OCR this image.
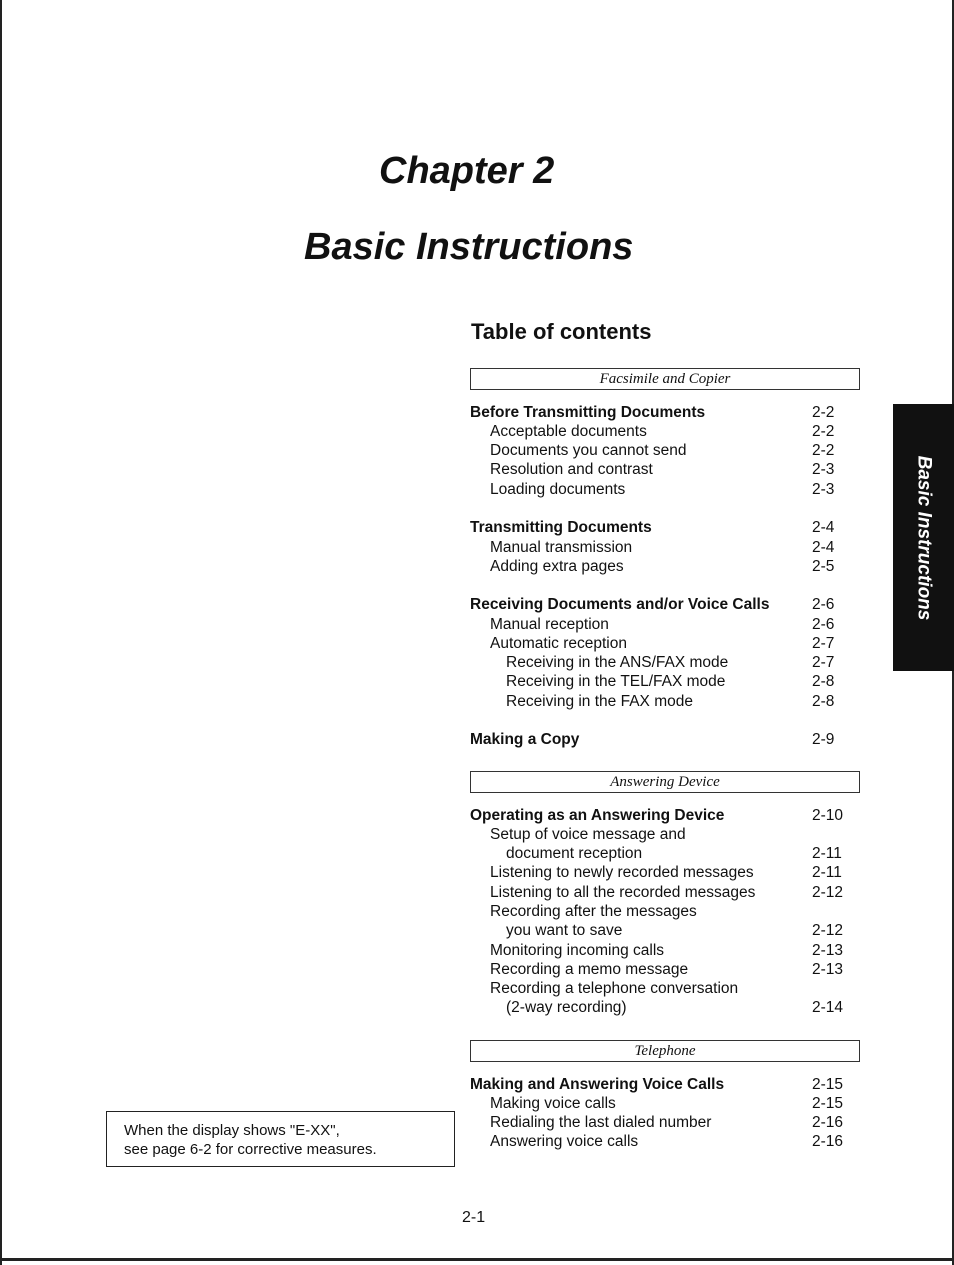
Chapter 2
Basic Instructions
Table of contents
Facsimile and Copier
Before Transmitting Documents	2-2
Acceptable documents	2-2
Documents you cannot send	2-2
Resolution and contrast	2-3
Loading documents	2-3
Transmitting Documents	2-4
Manual transmission	2-4
Adding extra pages	2-5
Receiving Documents and/or Voice Calls	2-6
Manual reception	2-6
Automatic reception	2-7
Receiving in the ANS/FAX mode	2-7
Receiving in the TEL/FAX mode	2-8
Receiving in the FAX mode	2-8
Making a Copy	2-9
Answering Device
Operating as an Answering Device	2-10
Setup of voice message and
document reception	2-11
Listening to newly recorded messages	2-11
Listening to all the recorded messages	2-12
Recording after the messages
you want to save	2-12
Monitoring incoming calls	2-13
Recording a memo message	2-13
Recording a telephone conversation
(2-way recording)	2-14
Telephone
Making and Answering Voice Calls	2-15
Making voice calls	2-15
Redialing the last dialed number	2-16
Answering voice calls	2-16
Basic Instructions
When the display shows "E-XX",
see page 6-2 for corrective measures.
2-1
